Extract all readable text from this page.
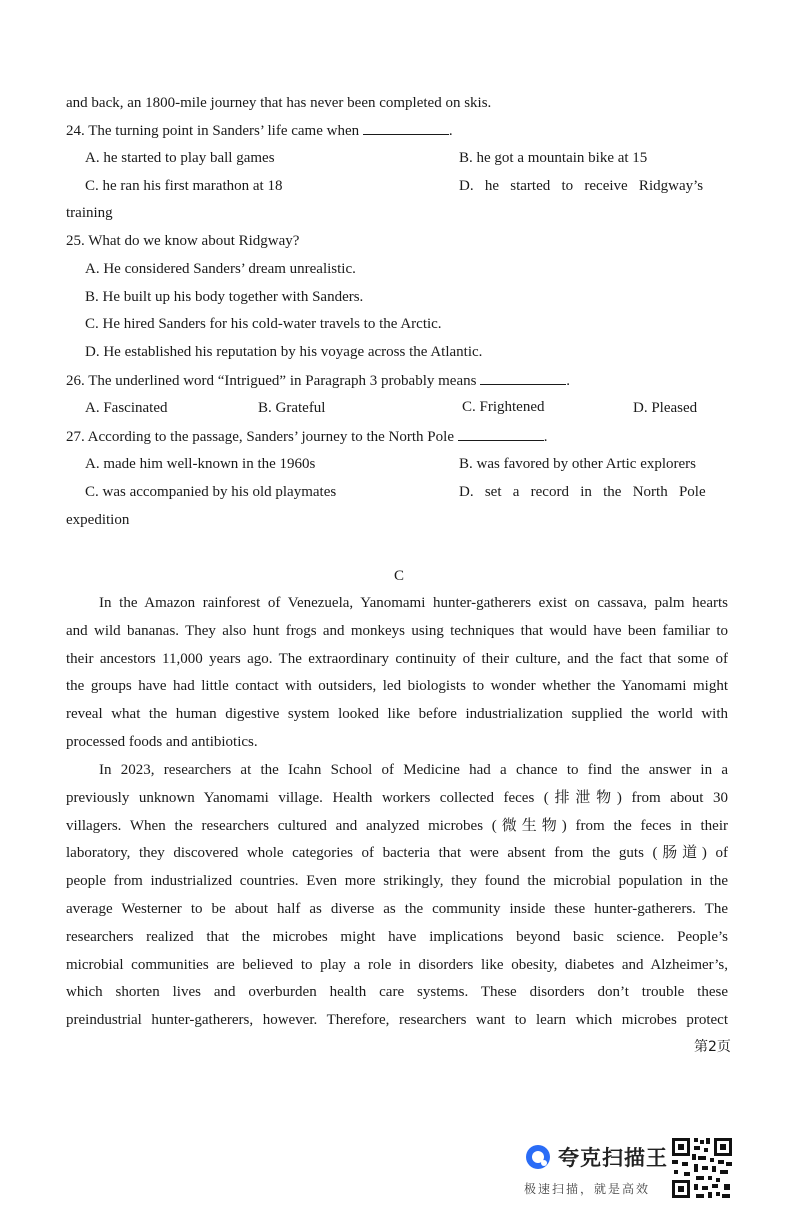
and back, an 1800-mile journey that has never been completed on skis.
24. The turning point in Sanders’ life came when	.
A. he started to play ball games	B. he got a mountain bike at 15
C. he ran his first marathon at 18	D.   he   started   to   receive   Ridgway’s
training
25. What do we know about Ridgway?
A. He considered Sanders’ dream unrealistic.
B. He built up his body together with Sanders.
C. He hired Sanders for his cold-water travels to the Arctic.
D. He established his reputation by his voyage across the Atlantic.
26. The underlined word “Intrigued” in Paragraph 3 probably means	.
A. Fascinated	B. Grateful	C. Frightened	D. Pleased
27. According to the passage, Sanders’ journey to the North Pole	.
A. made him well-known in the 1960s	B. was favored by other Artic explorers
C. was accompanied by his old playmates	D.   set   a   record   in   the   North   Pole
expedition
C
In the Amazon rainforest of Venezuela, Yanomami hunter-gatherers exist on cassava, palm hearts
and wild bananas. They also hunt frogs and monkeys using techniques that would have been familiar to
their ancestors 11,000 years ago. The extraordinary continuity of their culture, and the fact that some of
the groups have had little contact with outsiders, led biologists to wonder whether the Yanomami might
reveal what the human digestive system looked like before industrialization supplied the world with
processed foods and antibiotics.
In 2023, researchers at the Icahn School of Medicine had a chance to find the answer in a
previously unknown Yanomami village. Health workers collected feces (排泄物) from about 30
villagers. When the researchers cultured and analyzed microbes (微生物) from the feces in their
laboratory, they discovered whole categories of bacteria that were absent from the guts (肠道) of
people from industrialized countries. Even more strikingly, they found the microbial population in the
average Westerner to be about half as diverse as the community inside these hunter-gatherers. The
researchers realized that the microbes might have implications beyond basic science. People’s
microbial communities are believed to play a role in disorders like obesity, diabetes and Alzheimer’s,
which shorten lives and overburden health care systems. These disorders don’t trouble these
preindustrial hunter-gatherers, however. Therefore, researchers want to learn which microbes protect
第2页
夸克扫描王
极速扫描，就是高效
